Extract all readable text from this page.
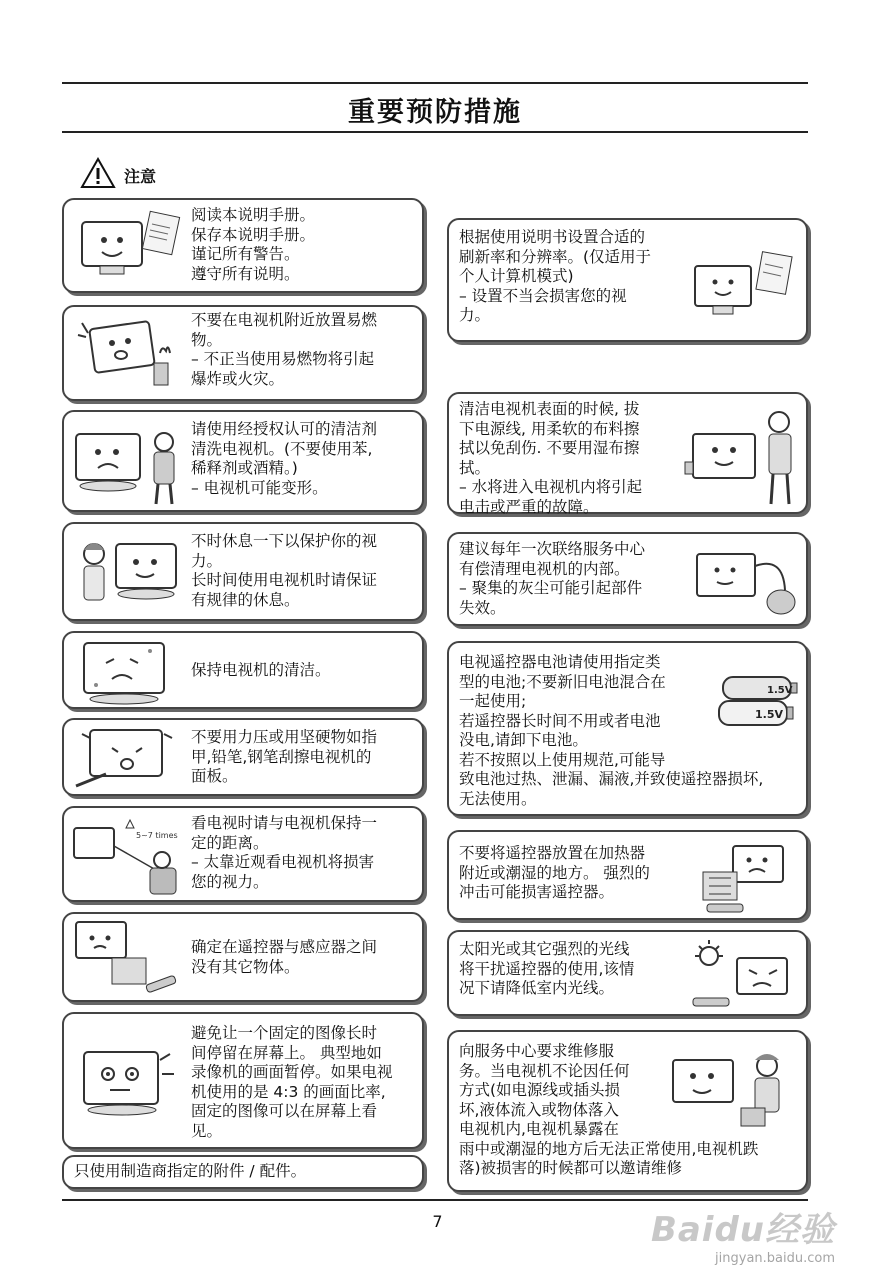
重要预防措施
注意
阅读本说明手册。
保存本说明手册。
谨记所有警告。
遵守所有说明。
不要在电视机附近放置易燃
物。
– 不正当使用易燃物将引起
爆炸或火灾。
请使用经授权认可的清洁剂
清洗电视机。(不要使用苯,
稀释剂或酒精。)
– 电视机可能变形。
不时休息一下以保护你的视
力。
长时间使用电视机时请保证
有规律的休息。
保持电视机的清洁。
不要用力压或用坚硬物如指
甲,铅笔,钢笔刮擦电视机的
面板。
5~7 times
看电视时请与电视机保持一
定的距离。
– 太靠近观看电视机将损害
您的视力。
确定在遥控器与感应器之间
没有其它物体。
避免让一个固定的图像长时
间停留在屏幕上。 典型地如
录像机的画面暂停。如果电视
机使用的是 4:3 的画面比率,
固定的图像可以在屏幕上看
见。
只使用制造商指定的附件 / 配件。
根据使用说明书设置合适的
刷新率和分辨率。(仅适用于
个人计算机模式)
– 设置不当会损害您的视
力。
清洁电视机表面的时候, 拔
下电源线, 用柔软的布料擦
拭以免刮伤. 不要用湿布擦
拭。
– 水将进入电视机内将引起
电击或严重的故障。
建议每年一次联络服务中心
有偿清理电视机的内部。
– 聚集的灰尘可能引起部件
失效。
电视遥控器电池请使用指定类
型的电池;不要新旧电池混合在
一起使用;
若遥控器长时间不用或者电池
没电,请卸下电池。
若不按照以上使用规范,可能导
致电池过热、泄漏、漏液,并致使遥控器损坏,
无法使用。
1.5V
1.5V
不要将遥控器放置在加热器
附近或潮湿的地方。 强烈的
冲击可能损害遥控器。
太阳光或其它强烈的光线
将干扰遥控器的使用,该情
况下请降低室内光线。
向服务中心要求维修服
务。当电视机不论因任何
方式(如电源线或插头损
坏,液体流入或物体落入
电视机内,电视机暴露在
雨中或潮湿的地方后无法正常使用,电视机跌
落)被损害的时候都可以邀请维修
7	Baidu经验
jingyan.baidu.com
